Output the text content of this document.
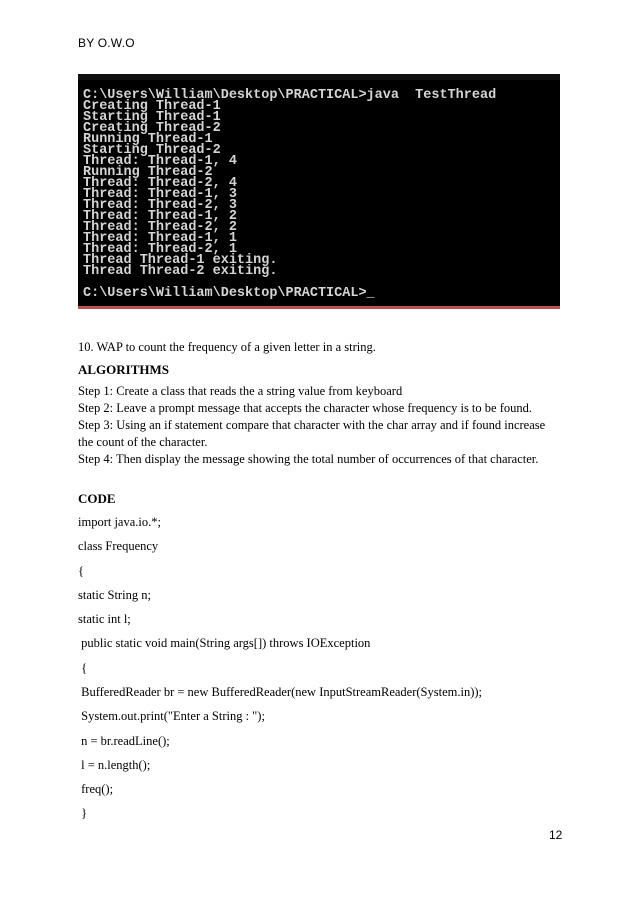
BY O.W.O
C:\Users\William\Desktop\PRACTICAL>java  TestThread
Creating Thread-1
Starting Thread-1
Creating Thread-2
Running Thread-1
Starting Thread-2
Thread: Thread-1, 4
Running Thread-2
Thread: Thread-2, 4
Thread: Thread-1, 3
Thread: Thread-2, 3
Thread: Thread-1, 2
Thread: Thread-2, 2
Thread: Thread-1, 1
Thread: Thread-2, 1
Thread Thread-1 exiting.
Thread Thread-2 exiting.
C:\Users\William\Desktop\PRACTICAL>_
10. WAP to count the frequency of a given letter in a string.
ALGORITHMS
Step 1: Create a class that reads the a string value from keyboard
Step 2: Leave a prompt message that accepts the character whose frequency is to be found.
Step 3: Using an if statement compare that character with the char array and if found increase
the count of the character.
Step 4: Then display the message showing the total number of occurrences of that character.
CODE
import java.io.*;
class Frequency
{
static String n;
static int l;
public static void main(String args[]) throws IOException
{
BufferedReader br = new BufferedReader(new InputStreamReader(System.in));
System.out.print("Enter a String : ");
n = br.readLine();
l = n.length();
freq();
}
12
